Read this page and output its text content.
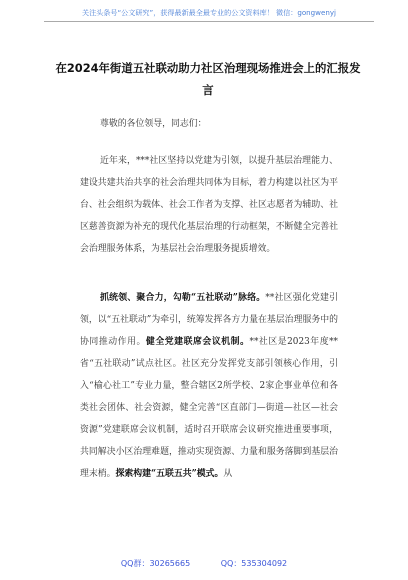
关注头条号“公文研究”，获得最新最全最专业的公文资料库！ 微信：gongwenyj
在2024年街道五社联动助力社区治理现场推进会上的汇报发言

尊敬的各位领导，同志们：

近年来，***社区坚持以党建为引领，以提升基层治理能力、建设共建共治共享的社会治理共同体为目标，着力构建以社区为平台、社会组织为载体、社会工作者为支撑、社区志愿者为辅助、社区慈善资源为补充的现代化基层治理的行动框架，不断健全完善社会治理服务体系，为基层社会治理服务提质增效。

抓统领、聚合力，勾勒“五社联动”脉络。**社区强化党建引领，以“五社联动”为牵引，统筹发挥各方力量在基层治理服务中的协同推动作用。健全党建联席会议机制。**社区是2023年度**省“五社联动”试点社区。社区充分发挥党支部引领核心作用，引入“榆心社工”专业力量，整合辖区2所学校、2家企事业单位和各类社会团体、社会资源，健全完善“区直部门—街道—社区—社会资源”党建联席会议机制，适时召开联席会议研究推进重要事项，共同解决小区治理难题，推动实现资源、力量和服务落脚到基层治理末梢。探索构建“五联五共”模式。从

QQ群：30265665	QQ：535304092
